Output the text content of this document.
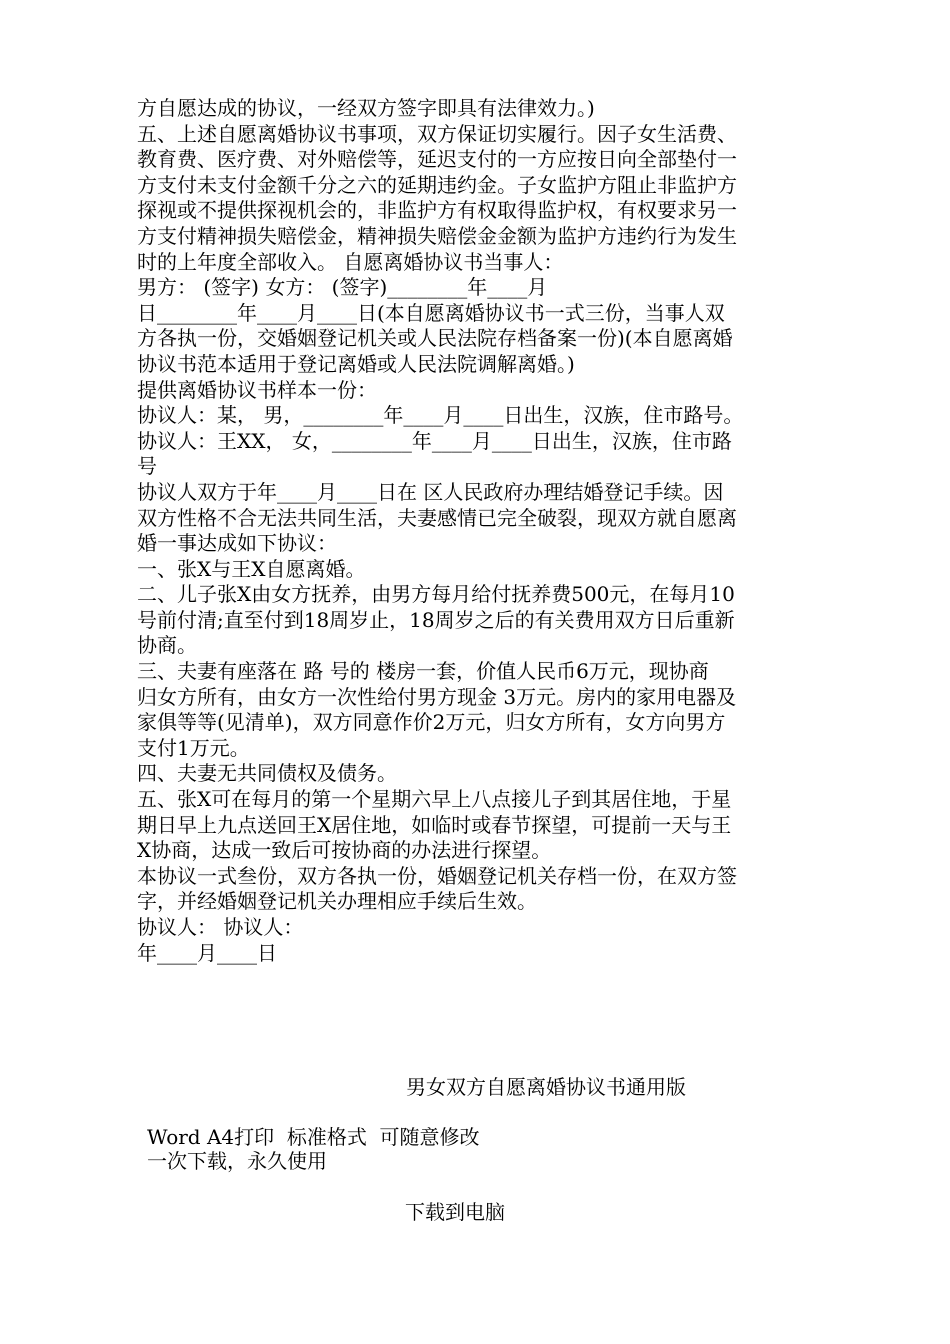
方自愿达成的协议，一经双方签字即具有法律效力。)
五、上述自愿离婚协议书事项，双方保证切实履行。因子女生活费、
教育费、医疗费、对外赔偿等，延迟支付的一方应按日向全部垫付一
方支付未支付金额千分之六的延期违约金。子女监护方阻止非监护方
探视或不提供探视机会的，非监护方有权取得监护权，有权要求另一
方支付精神损失赔偿金，精神损失赔偿金金额为监护方违约行为发生
时的上年度全部收入。 自愿离婚协议书当事人：
男方： (签字) 女方： (签字)________年____月
日________年____月____日(本自愿离婚协议书一式三份，当事人双
方各执一份，交婚姻登记机关或人民法院存档备案一份)(本自愿离婚
协议书范本适用于登记离婚或人民法院调解离婚。)
提供离婚协议书样本一份：
协议人：某， 男，________年____月____日出生，汉族，住市路号。
协议人：王XX， 女，________年____月____日出生，汉族，住市路
号
协议人双方于年____月____日在 区人民政府办理结婚登记手续。因
双方性格不合无法共同生活，夫妻感情已完全破裂，现双方就自愿离
婚一事达成如下协议：
一、张X与王X自愿离婚。
二、儿子张X由女方抚养，由男方每月给付抚养费500元，在每月10
号前付清;直至付到18周岁止，18周岁之后的有关费用双方日后重新
协商。
三、夫妻有座落在 路 号的 楼房一套，价值人民币6万元，现协商
归女方所有，由女方一次性给付男方现金 3万元。房内的家用电器及
家俱等等(见清单)，双方同意作价2万元，归女方所有，女方向男方
支付1万元。
四、夫妻无共同债权及债务。
五、张X可在每月的第一个星期六早上八点接儿子到其居住地，于星
期日早上九点送回王X居住地，如临时或春节探望，可提前一天与王
X协商，达成一致后可按协商的办法进行探望。
本协议一式叁份，双方各执一份，婚姻登记机关存档一份，在双方签
字，并经婚姻登记机关办理相应手续后生效。
协议人： 协议人：
年____月____日
男女双方自愿离婚协议书通用版
Word A4打印  标准格式  可随意修改
一次下载，永久使用
下载到电脑
